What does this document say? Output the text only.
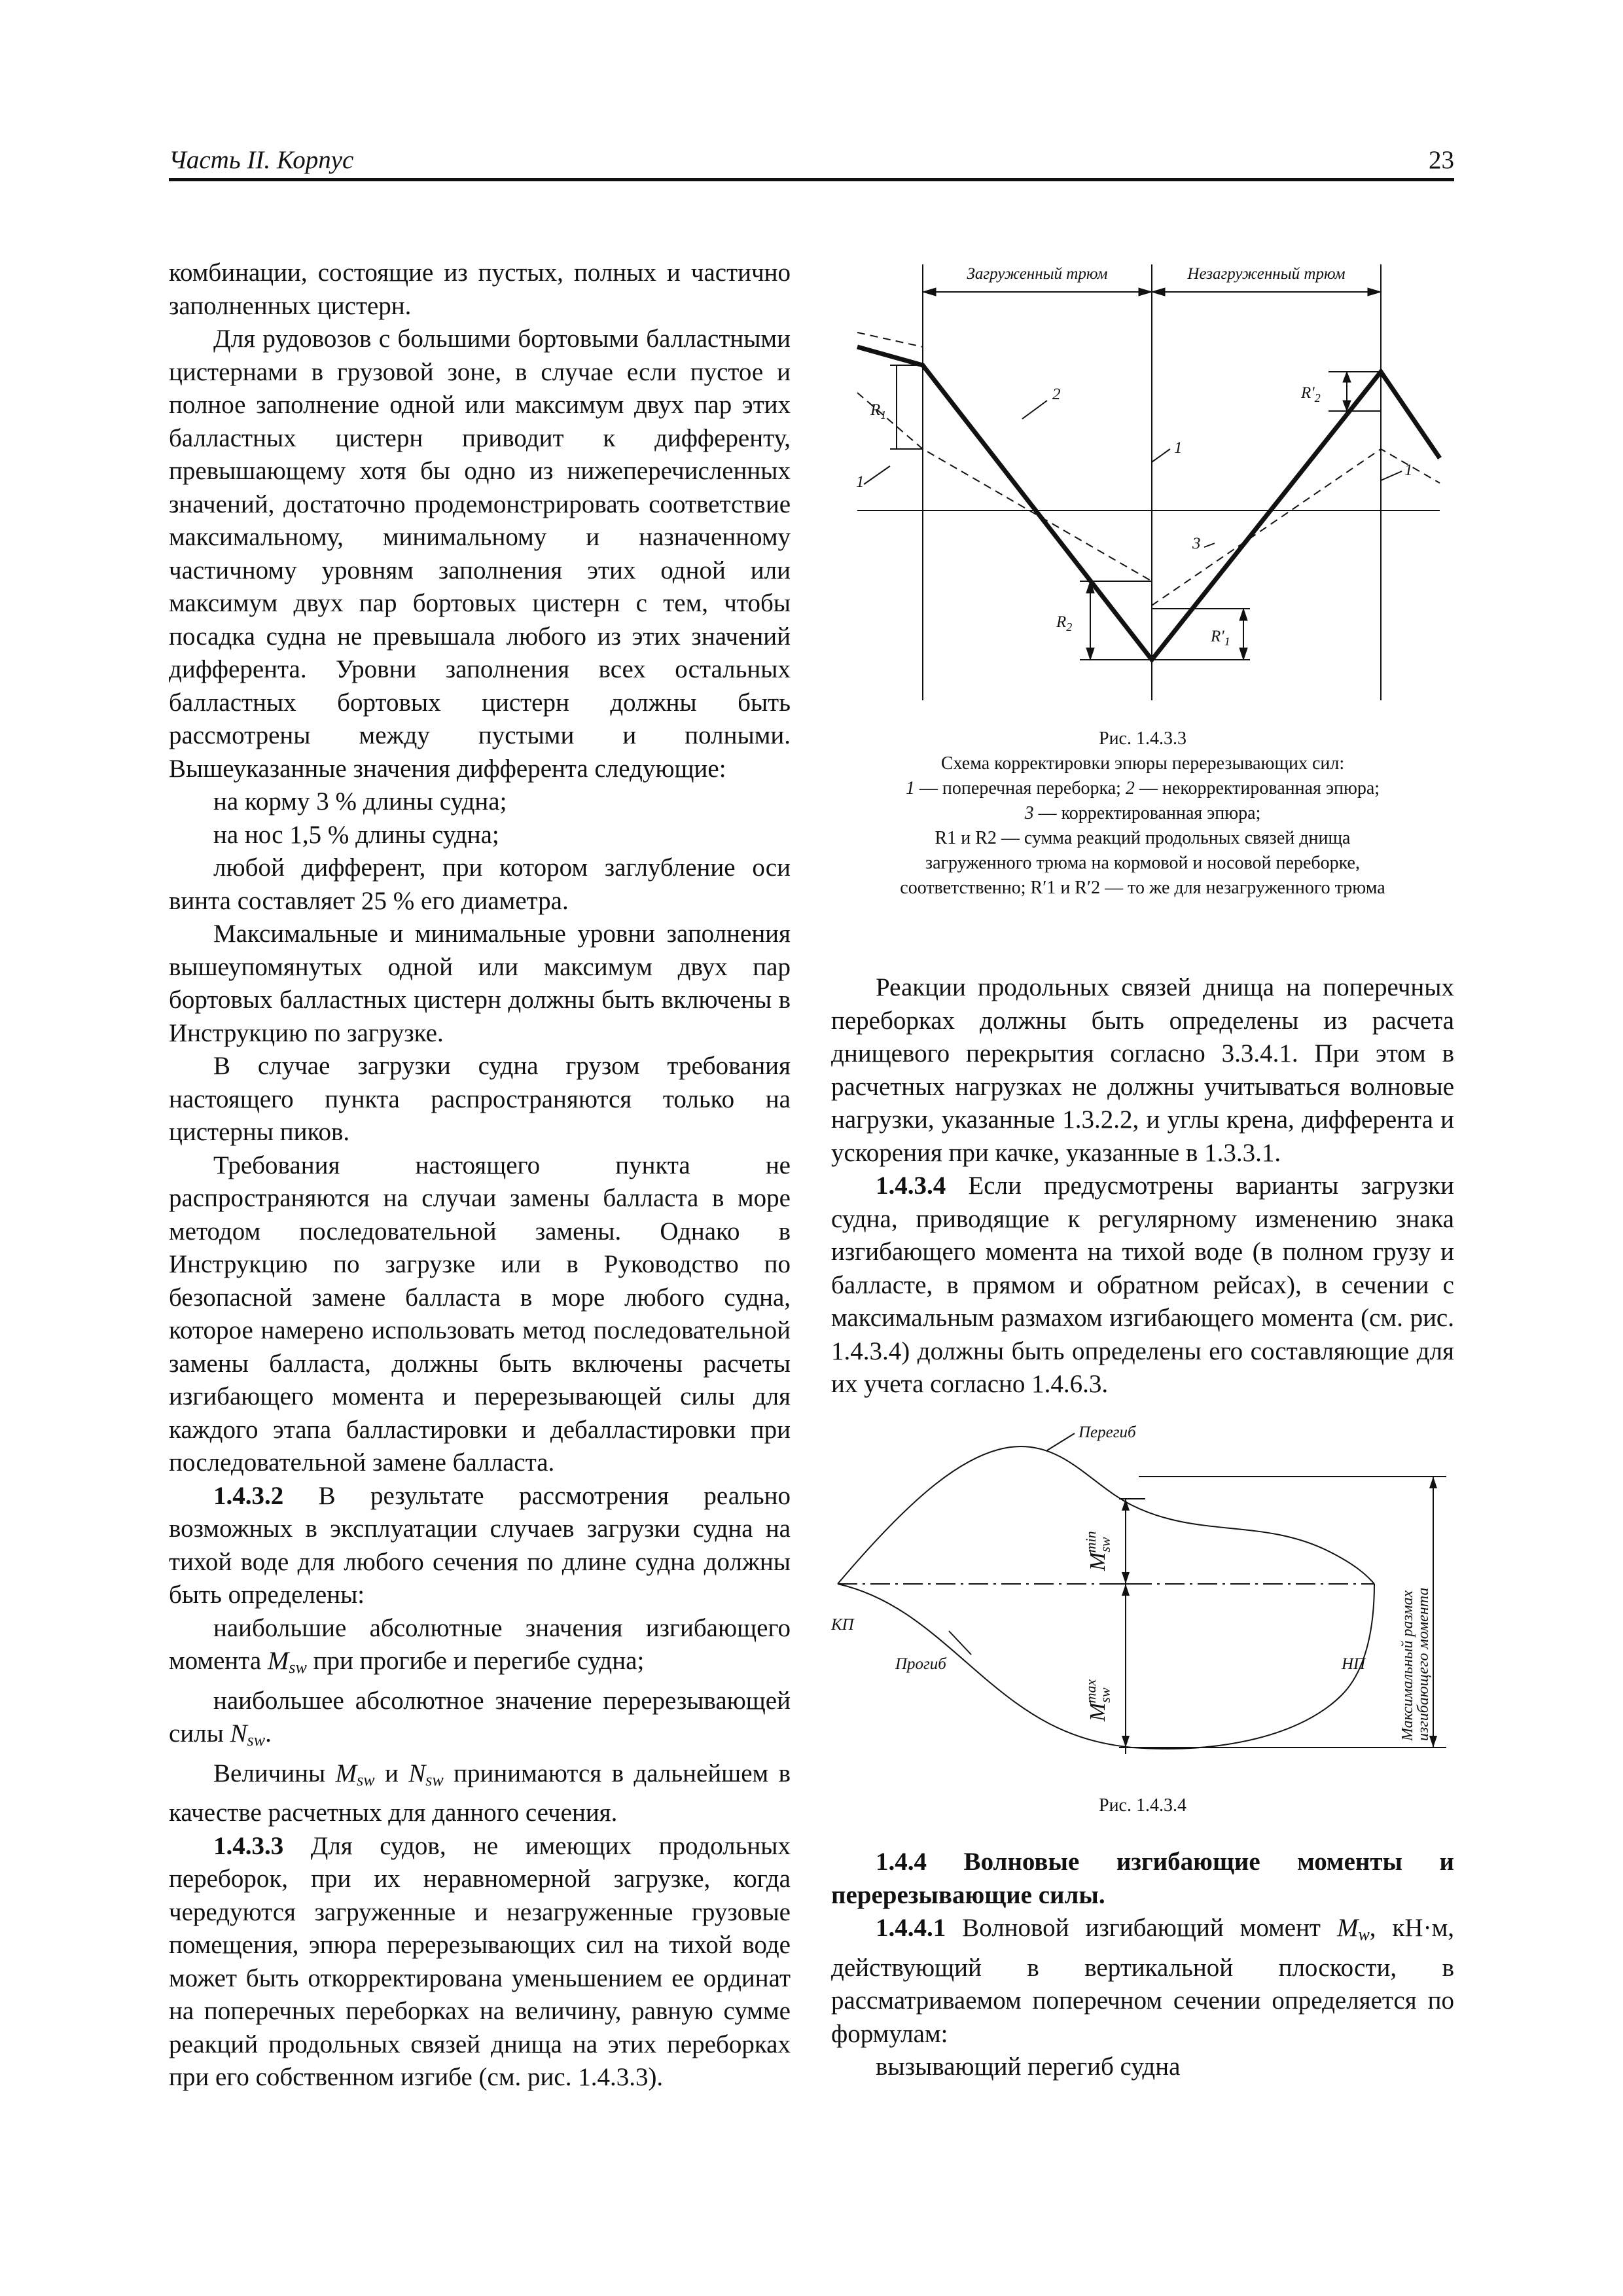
Часть II. Корпус	23

комбинации, состоящие из пустых, полных и частично заполненных цистерн.

Для рудовозов с большими бортовыми балластными цистернами в грузовой зоне, в случае если пустое и полное заполнение одной или максимум двух пар этих балластных цистерн приводит к дифференту, превышающему хотя бы одно из нижеперечисленных значений, достаточно продемонстрировать соответствие максимальному, минимальному и назначенному частичному уровням заполнения этих одной или максимум двух пар бортовых цистерн с тем, чтобы посадка судна не превышала любого из этих значений дифферента. Уровни заполнения всех остальных балластных бортовых цистерн должны быть рассмотрены между пустыми и полными. Вышеуказанные значения дифферента следующие:

на корму 3 % длины судна;

на нос 1,5 % длины судна;

любой дифферент, при котором заглубление оси винта составляет 25 % его диаметра.

Максимальные и минимальные уровни заполнения вышеупомянутых одной или максимум двух пар бортовых балластных цистерн должны быть включены в Инструкцию по загрузке.

В случае загрузки судна грузом требования настоящего пункта распространяются только на цистерны пиков.

Требования настоящего пункта не распространяются на случаи замены балласта в море методом последовательной замены. Однако в Инструкцию по загрузке или в Руководство по безопасной замене балласта в море любого судна, которое намерено использовать метод последовательной замены балласта, должны быть включены расчеты изгибающего момента и перерезывающей силы для каждого этапа балластировки и дебалластировки при последовательной замене балласта.

1.4.3.2 В результате рассмотрения реально возможных в эксплуатации случаев загрузки судна на тихой воде для любого сечения по длине судна должны быть определены:

наибольшие абсолютные значения изгибающего момента $M_{sw}$ при прогибе и перегибе судна;

наибольшее абсолютное значение перерезывающей силы $N_{sw}$.

Величины $M_{sw}$ и $N_{sw}$ принимаются в дальнейшем в качестве расчетных для данного сечения.

1.4.3.3 Для судов, не имеющих продольных переборок, при их неравномерной загрузке, когда чередуются загруженные и незагруженные грузовые помещения, эпюра перерезывающих сил на тихой воде может быть откорректирована уменьшением ее ординат на поперечных переборках на величину, равную сумме реакций продольных связей днища на этих переборках при его собственном изгибе (см. рис. 1.4.3.3).

Загруженный трюм	Незагруженный трюм
$R_1$
$R_2$
$R'_1$
$R'_2$
1
2
1
3
1
Рис. 1.4.3.3
Схема корректировки эпюры перерезывающих сил:
1 — поперечная переборка; 2 — некорректированная эпюра;
3 — корректированная эпюра;
R1 и R2 — сумма реакций продольных связей днища
загруженного трюма на кормовой и носовой переборке,
соответственно; R′1 и R′2 — то же для незагруженного трюма

Реакции продольных связей днища на поперечных переборках должны быть определены из расчета днищевого перекрытия согласно 3.3.4.1. При этом в расчетных нагрузках не должны учитываться волновые нагрузки, указанные 1.3.2.2, и углы крена, дифферента и ускорения при качке, указанные в 1.3.3.1.

1.4.3.4 Если предусмотрены варианты загрузки судна, приводящие к регулярному изменению знака изгибающего момента на тихой воде (в полном грузу и балласте, в прямом и обратном рейсах), в сечении с максимальным размахом изгибающего момента (см. рис. 1.4.3.4) должны быть определены его составляющие для их учета согласно 1.4.6.3.

Перегиб
Прогиб
КП
НП
Mswmin
Mswmax	Максимальный размах
изгибающего момента
Рис. 1.4.3.4

1.4.4 Волновые изгибающие моменты и перерезывающие силы.

1.4.4.1 Волновой изгибающий момент $M_w$, кН·м, действующий в вертикальной плоскости, в рассматриваемом поперечном сечении определяется по формулам:

вызывающий перегиб судна
